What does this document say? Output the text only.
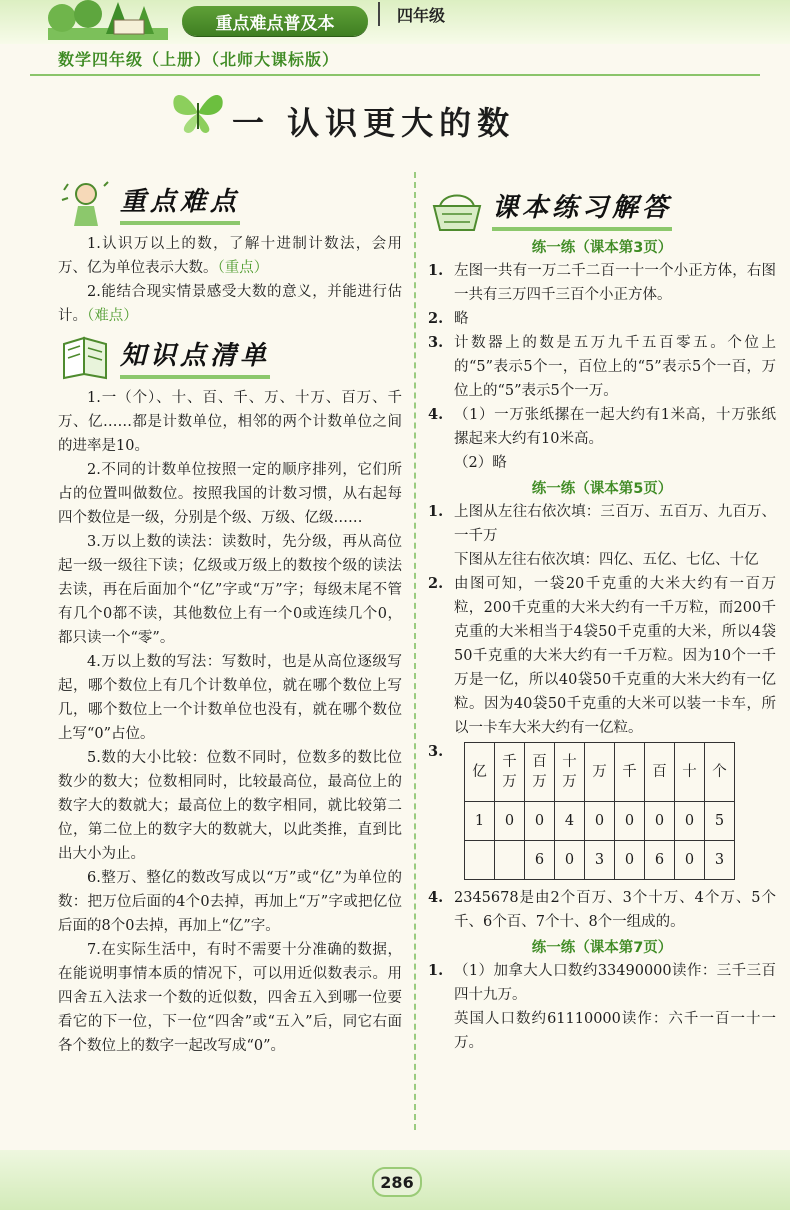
重点难点普及本	四年级
数学四年级（上册）（北师大课标版）
一 认识更大的数
重点难点

1.认识万以上的数，了解十进制计数法，会用万、亿为单位表示大数。（重点）

2.能结合现实情景感受大数的意义，并能进行估计。（难点）

知识点清单

1.一（个）、十、百、千、万、十万、百万、千万、亿……都是计数单位，相邻的两个计数单位之间的进率是10。

2.不同的计数单位按照一定的顺序排列，它们所占的位置叫做数位。按照我国的计数习惯，从右起每四个数位是一级，分别是个级、万级、亿级……

3.万以上数的读法：读数时，先分级，再从高位起一级一级往下读；亿级或万级上的数按个级的读法去读，再在后面加个“亿”字或“万”字；每级末尾不管有几个0都不读，其他数位上有一个0或连续几个0，都只读一个“零”。

4.万以上数的写法：写数时，也是从高位逐级写起，哪个数位上有几个计数单位，就在哪个数位上写几，哪个数位上一个计数单位也没有，就在哪个数位上写“0”占位。

5.数的大小比较：位数不同时，位数多的数比位数少的数大；位数相同时，比较最高位，最高位上的数字大的数就大；最高位上的数字相同，就比较第二位，第二位上的数字大的数就大，以此类推，直到比出大小为止。

6.整万、整亿的数改写成以“万”或“亿”为单位的数：把万位后面的4个0去掉，再加上“万”字或把亿位后面的8个0去掉，再加上“亿”字。

7.在实际生活中，有时不需要十分准确的数据，在能说明事情本质的情况下，可以用近似数表示。用四舍五入法求一个数的近似数，四舍五入到哪一位要看它的下一位，下一位“四舍”或“五入”后，同它右面各个数位上的数字一起改写成“0”。

课本练习解答
练一练（课本第3页）
1. 左图一共有一万二千二百一十一个小正方体，右图一共有三万四千三百个小正方体。
2. 略
3. 计数器上的数是五万九千五百零五。个位上的“5”表示5个一，百位上的“5”表示5个一百，万位上的“5”表示5个一万。
4. （1）一万张纸摞在一起大约有1米高，十万张纸摞起来大约有10米高。
（2）略
练一练（课本第5页）
1. 上图从左往右依次填：三百万、五百万、九百万、一千万
下图从左往右依次填：四亿、五亿、七亿、十亿
2. 由图可知，一袋20千克重的大米大约有一百万粒，200千克重的大米大约有一千万粒，而200千克重的大米相当于4袋50千克重的大米，所以4袋50千克重的大米大约有一千万粒。因为10个一千万是一亿，所以40袋50千克重的大米大约有一亿粒。因为40袋50千克重的大米可以装一卡车，所以一卡车大米大约有一亿粒。
3.
亿	千万	百万	十万	万	千	百	十	个
1	0	0	4	0	0	0	0	5
		6	0	3	0	6	0	3
4. 2345678是由2个百万、3个十万、4个万、5个千、6个百、7个十、8个一组成的。
练一练（课本第7页）
1. （1）加拿大人口数约33490000读作：三千三百四十九万。
英国人口数约61110000读作：六千一百一十一万。
286
